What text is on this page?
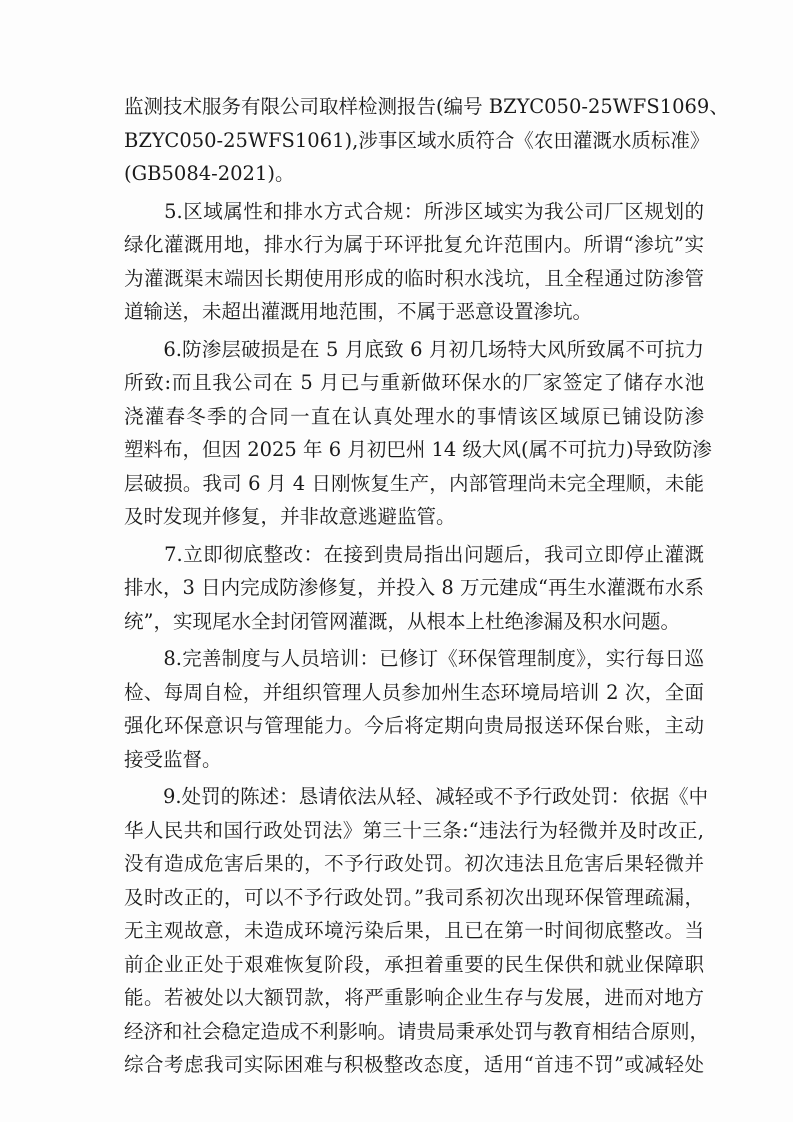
监测技术服务有限公司取样检测报告(编号 BZYC050-25WFS1069、
BZYC050-25WFS1061),涉事区域水质符合《农田灌溉水质标准》
(GB5084-2021)。

　　5.区域属性和排水方式合规：所涉区域实为我公司厂区规划的
绿化灌溉用地，排水行为属于环评批复允许范围内。所谓“渗坑”实
为灌溉渠末端因长期使用形成的临时积水浅坑，且全程通过防渗管
道输送，未超出灌溉用地范围，不属于恶意设置渗坑。

　　6.防渗层破损是在 5 月底致 6 月初几场特大风所致属不可抗力
所致:而且我公司在 5 月已与重新做环保水的厂家签定了储存水池
浇灌春冬季的合同一直在认真处理水的事情该区域原已铺设防渗
塑料布，但因 2025 年 6 月初巴州 14 级大风(属不可抗力)导致防渗
层破损。我司 6 月 4 日刚恢复生产，内部管理尚未完全理顺，未能
及时发现并修复，并非故意逃避监管。

　　7.立即彻底整改：在接到贵局指出问题后，我司立即停止灌溉
排水，3 日内完成防渗修复，并投入 8 万元建成“再生水灌溉布水系
统”，实现尾水全封闭管网灌溉，从根本上杜绝渗漏及积水问题。

　　8.完善制度与人员培训：已修订《环保管理制度》，实行每日巡
检、每周自检，并组织管理人员参加州生态环境局培训 2 次，全面
强化环保意识与管理能力。今后将定期向贵局报送环保台账，主动
接受监督。

　　9.处罚的陈述：恳请依法从轻、减轻或不予行政处罚：依据《中
华人民共和国行政处罚法》第三十三条:“违法行为轻微并及时改正,
没有造成危害后果的，不予行政处罚。初次违法且危害后果轻微并
及时改正的，可以不予行政处罚。”我司系初次出现环保管理疏漏，
无主观故意，未造成环境污染后果，且已在第一时间彻底整改。当
前企业正处于艰难恢复阶段，承担着重要的民生保供和就业保障职
能。若被处以大额罚款，将严重影响企业生存与发展，进而对地方
经济和社会稳定造成不利影响。请贵局秉承处罚与教育相结合原则，
综合考虑我司实际困难与积极整改态度，适用“首违不罚”或减轻处
